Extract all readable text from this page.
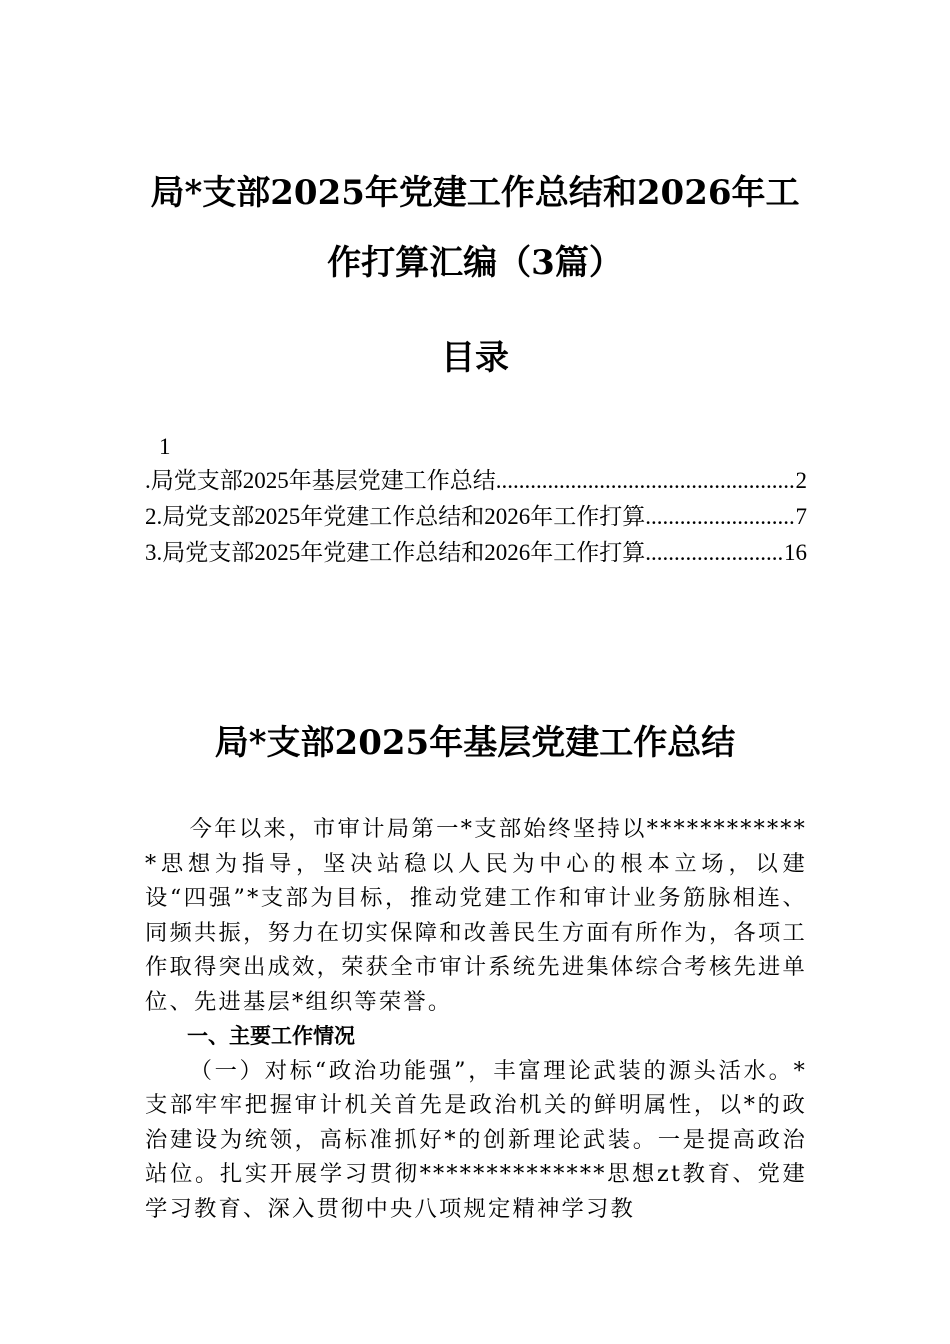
局*支部2025年党建工作总结和2026年工作打算汇编（3篇）
目录
1
.局党支部2025年基层党建工作总结 .....	2
2.局党支部2025年党建工作总结和2026年工作打算 .....	7
3.局党支部2025年党建工作总结和2026年工作打算 .....	16
局*支部2025年基层党建工作总结

今年以来，市审计局第一*支部始终坚持以*************思想为指导，坚决站稳以人民为中心的根本立场，以建设“四强”*支部为目标，推动党建工作和审计业务筋脉相连、同频共振，努力在切实保障和改善民生方面有所作为，各项工作取得突出成效，荣获全市审计系统先进集体综合考核先进单位、先进基层*组织等荣誉。

一、主要工作情况

（一）对标“政治功能强”，丰富理论武装的源头活水。*支部牢牢把握审计机关首先是政治机关的鲜明属性，以*的政治建设为统领，高标准抓好*的创新理论武装。一是提高政治站位。扎实开展学习贯彻**************思想zt教育、党建学习教育、深入贯彻中央八项规定精神学习教
